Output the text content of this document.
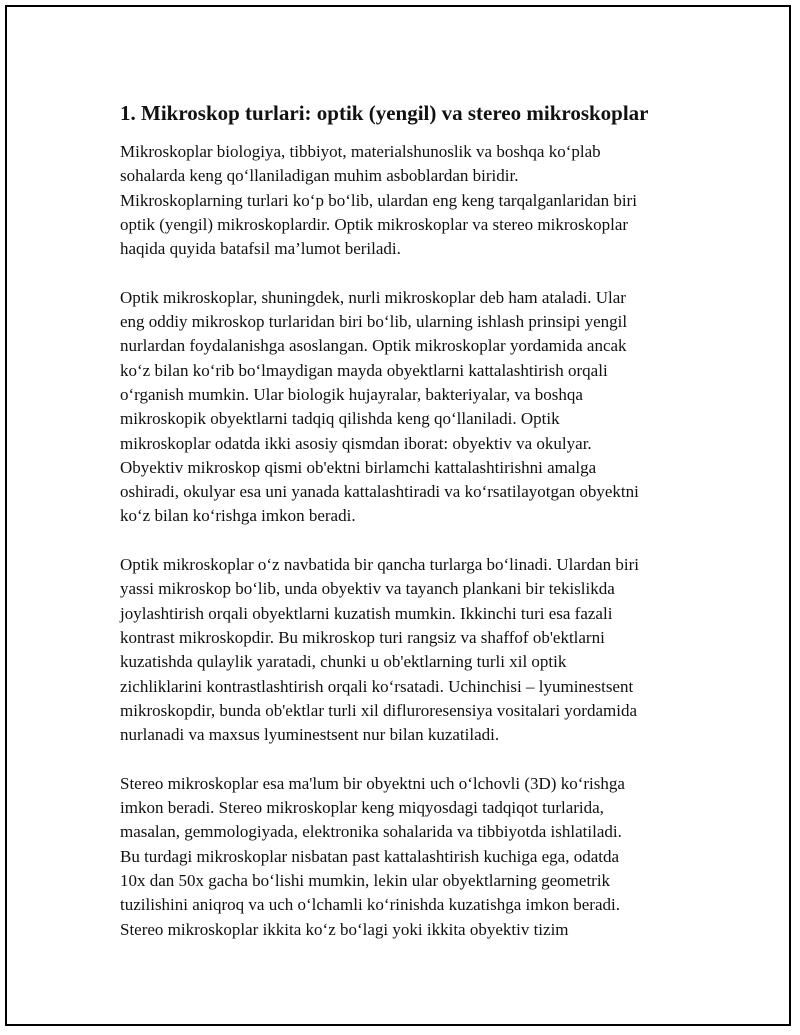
1. Mikroskop turlari: optik (yengil) va stereo mikroskoplar

Mikroskoplar biologiya, tibbiyot, materialshunoslik va boshqa ko‘plab
sohalarda keng qo‘llaniladigan muhim asboblardan biridir.
Mikroskoplarning turlari ko‘p bo‘lib, ulardan eng keng tarqalganlaridan biri
optik (yengil) mikroskoplardir. Optik mikroskoplar va stereo mikroskoplar
haqida quyida batafsil ma’lumot beriladi.

Optik mikroskoplar, shuningdek, nurli mikroskoplar deb ham ataladi. Ular
eng oddiy mikroskop turlaridan biri bo‘lib, ularning ishlash prinsipi yengil
nurlardan foydalanishga asoslangan. Optik mikroskoplar yordamida ancak
ko‘z bilan ko‘rib bo‘lmaydigan mayda obyektlarni kattalashtirish orqali
o‘rganish mumkin. Ular biologik hujayralar, bakteriyalar, va boshqa
mikroskopik obyektlarni tadqiq qilishda keng qo‘llaniladi. Optik
mikroskoplar odatda ikki asosiy qismdan iborat: obyektiv va okulyar.
Obyektiv mikroskop qismi ob'ektni birlamchi kattalashtirishni amalga
oshiradi, okulyar esa uni yanada kattalashtiradi va ko‘rsatilayotgan obyektni
ko‘z bilan ko‘rishga imkon beradi.

Optik mikroskoplar o‘z navbatida bir qancha turlarga bo‘linadi. Ulardan biri
yassi mikroskop bo‘lib, unda obyektiv va tayanch plankani bir tekislikda
joylashtirish orqali obyektlarni kuzatish mumkin. Ikkinchi turi esa fazali
kontrast mikroskopdir. Bu mikroskop turi rangsiz va shaffof ob'ektlarni
kuzatishda qulaylik yaratadi, chunki u ob'ektlarning turli xil optik
zichliklarini kontrastlashtirish orqali ko‘rsatadi. Uchinchisi – lyuminestsent
mikroskopdir, bunda ob'ektlar turli xil difluroresensiya vositalari yordamida
nurlanadi va maxsus lyuminestsent nur bilan kuzatiladi.

Stereo mikroskoplar esa ma'lum bir obyektni uch o‘lchovli (3D) ko‘rishga
imkon beradi. Stereo mikroskoplar keng miqyosdagi tadqiqot turlarida,
masalan, gemmologiyada, elektronika sohalarida va tibbiyotda ishlatiladi.
Bu turdagi mikroskoplar nisbatan past kattalashtirish kuchiga ega, odatda
10x dan 50x gacha bo‘lishi mumkin, lekin ular obyektlarning geometrik
tuzilishini aniqroq va uch o‘lchamli ko‘rinishda kuzatishga imkon beradi.
Stereo mikroskoplar ikkita ko‘z bo‘lagi yoki ikkita obyektiv tizim
